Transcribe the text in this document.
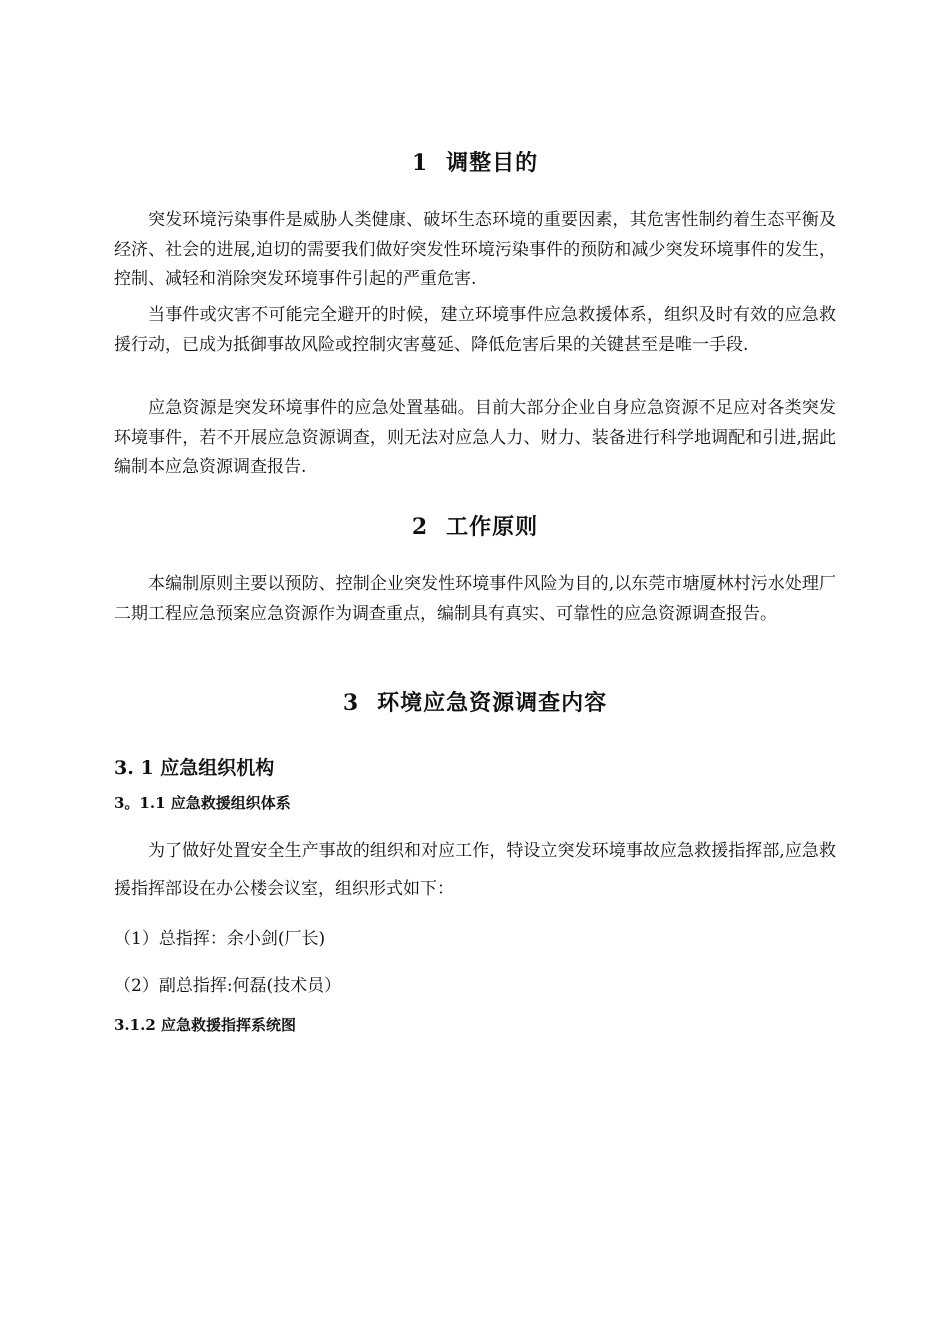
1 调整目的

突发环境污染事件是威胁人类健康、破坏生态环境的重要因素，其危害性制约着生态平衡及经济、社会的进展,迫切的需要我们做好突发性环境污染事件的预防和减少突发环境事件的发生，控制、减轻和消除突发环境事件引起的严重危害.

当事件或灾害不可能完全避开的时候，建立环境事件应急救援体系，组织及时有效的应急救援行动，已成为抵御事故风险或控制灾害蔓延、降低危害后果的关键甚至是唯一手段.

应急资源是突发环境事件的应急处置基础。目前大部分企业自身应急资源不足应对各类突发环境事件，若不开展应急资源调查，则无法对应急人力、财力、装备进行科学地调配和引进,据此编制本应急资源调查报告.

2 工作原则

本编制原则主要以预防、控制企业突发性环境事件风险为目的,以东莞市塘厦林村污水处理厂二期工程应急预案应急资源作为调查重点，编制具有真实、可靠性的应急资源调查报告。

3 环境应急资源调查内容
3. 1 应急组织机构
3。1.1 应急救援组织体系

为了做好处置安全生产事故的组织和对应工作，特设立突发环境事故应急救援指挥部,应急救援指挥部设在办公楼会议室，组织形式如下：

（1）总指挥：余小剑(厂长)

（2）副总指挥:何磊(技术员）

3.1.2 应急救援指挥系统图
